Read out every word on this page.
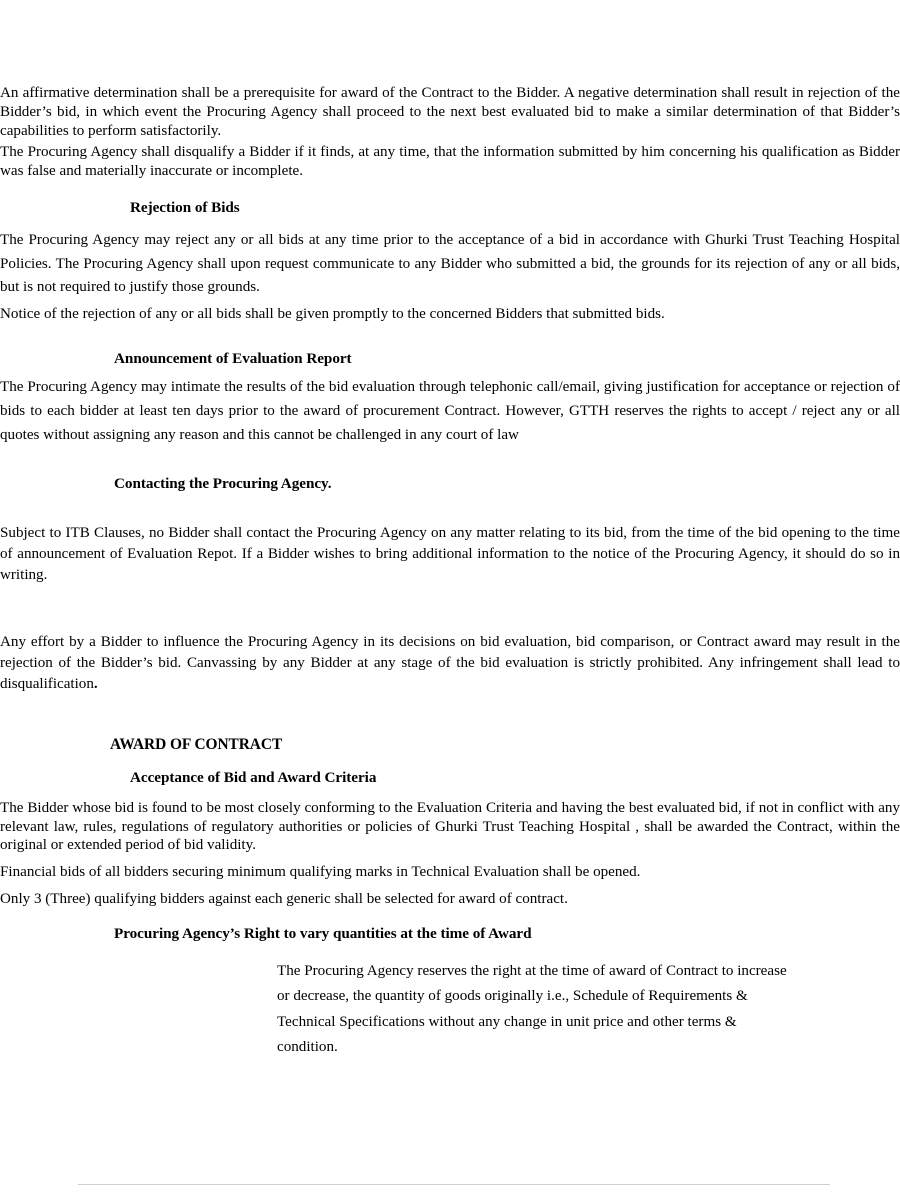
An affirmative determination shall be a prerequisite for award of the Contract to the Bidder. A negative determination shall result in rejection of the Bidder’s bid, in which event the Procuring Agency shall proceed to the next best evaluated bid to make a similar determination of that Bidder’s capabilities to perform satisfactorily.
The Procuring Agency shall disqualify a Bidder if it finds, at any time, that the information submitted by him concerning his qualification as Bidder was false and materially inaccurate or incomplete.
Rejection of Bids
The Procuring Agency may reject any or all bids at any time prior to the acceptance of a bid in accordance with Ghurki Trust Teaching Hospital Policies. The Procuring Agency shall upon request communicate to any Bidder who submitted a bid, the grounds for its rejection of any or all bids, but is not required to justify those grounds.
Notice of the rejection of any or all bids shall be given promptly to the concerned Bidders that submitted bids.
Announcement of Evaluation Report
The Procuring Agency may intimate the results of the bid evaluation through telephonic call/email, giving justification for acceptance or rejection of bids to each bidder at least ten days prior to the award of procurement Contract. However, GTTH reserves the rights to accept / reject any or all quotes without assigning any reason and this cannot be challenged in any court of law
Contacting the Procuring Agency.
Subject to ITB Clauses, no Bidder shall contact the Procuring Agency on any matter relating to its bid, from the time of the bid opening to the time of announcement of Evaluation Repot. If a Bidder wishes to bring additional information to the notice of the Procuring Agency, it should do so in writing.
Any effort by a Bidder to influence the Procuring Agency in its decisions on bid evaluation, bid comparison, or Contract award may result in the rejection of the Bidder’s bid. Canvassing by any Bidder at any stage of the bid evaluation is strictly prohibited. Any infringement shall lead to disqualification.
AWARD OF CONTRACT
Acceptance of Bid and Award Criteria
The Bidder whose bid is found to be most closely conforming to the Evaluation Criteria and having the best evaluated bid, if not in conflict with any relevant law, rules, regulations of regulatory authorities or policies of Ghurki Trust Teaching Hospital , shall be awarded the Contract, within the original or extended period of bid validity.
Financial bids of all bidders securing minimum qualifying marks in Technical Evaluation shall be opened.
Only 3 (Three) qualifying bidders against each generic shall be selected for award of contract.
Procuring Agency’s Right to vary quantities at the time of Award
The Procuring Agency reserves the right at the time of award of Contract to increase or decrease, the quantity of goods originally i.e., Schedule of Requirements & Technical Specifications without any change in unit price and other terms & condition.
